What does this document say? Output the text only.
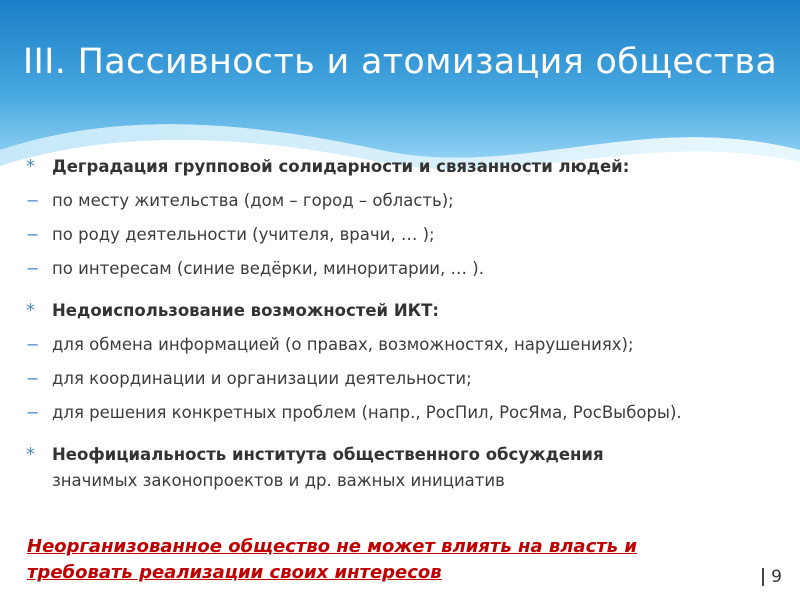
III. Пассивность и атомизация общества
*	Деградация групповой солидарности и связанности людей:
− по месту жительства (дом – город – область);
− по роду деятельности (учителя, врачи, … );
− по интересам (синие ведёрки, миноритарии, … ).
*	Недоиспользование возможностей ИКТ:
− для обмена информацией (о правах, возможностях, нарушениях);
− для координации и организации деятельности;
− для решения конкретных проблем (напр., РосПил, РосЯма, РосВыборы).
*	Неофициальность института общественного обсуждения
значимых законопроектов и др. важных инициатив
Неорганизованное общество не может влиять на власть и требовать реализации своих интересов	9
